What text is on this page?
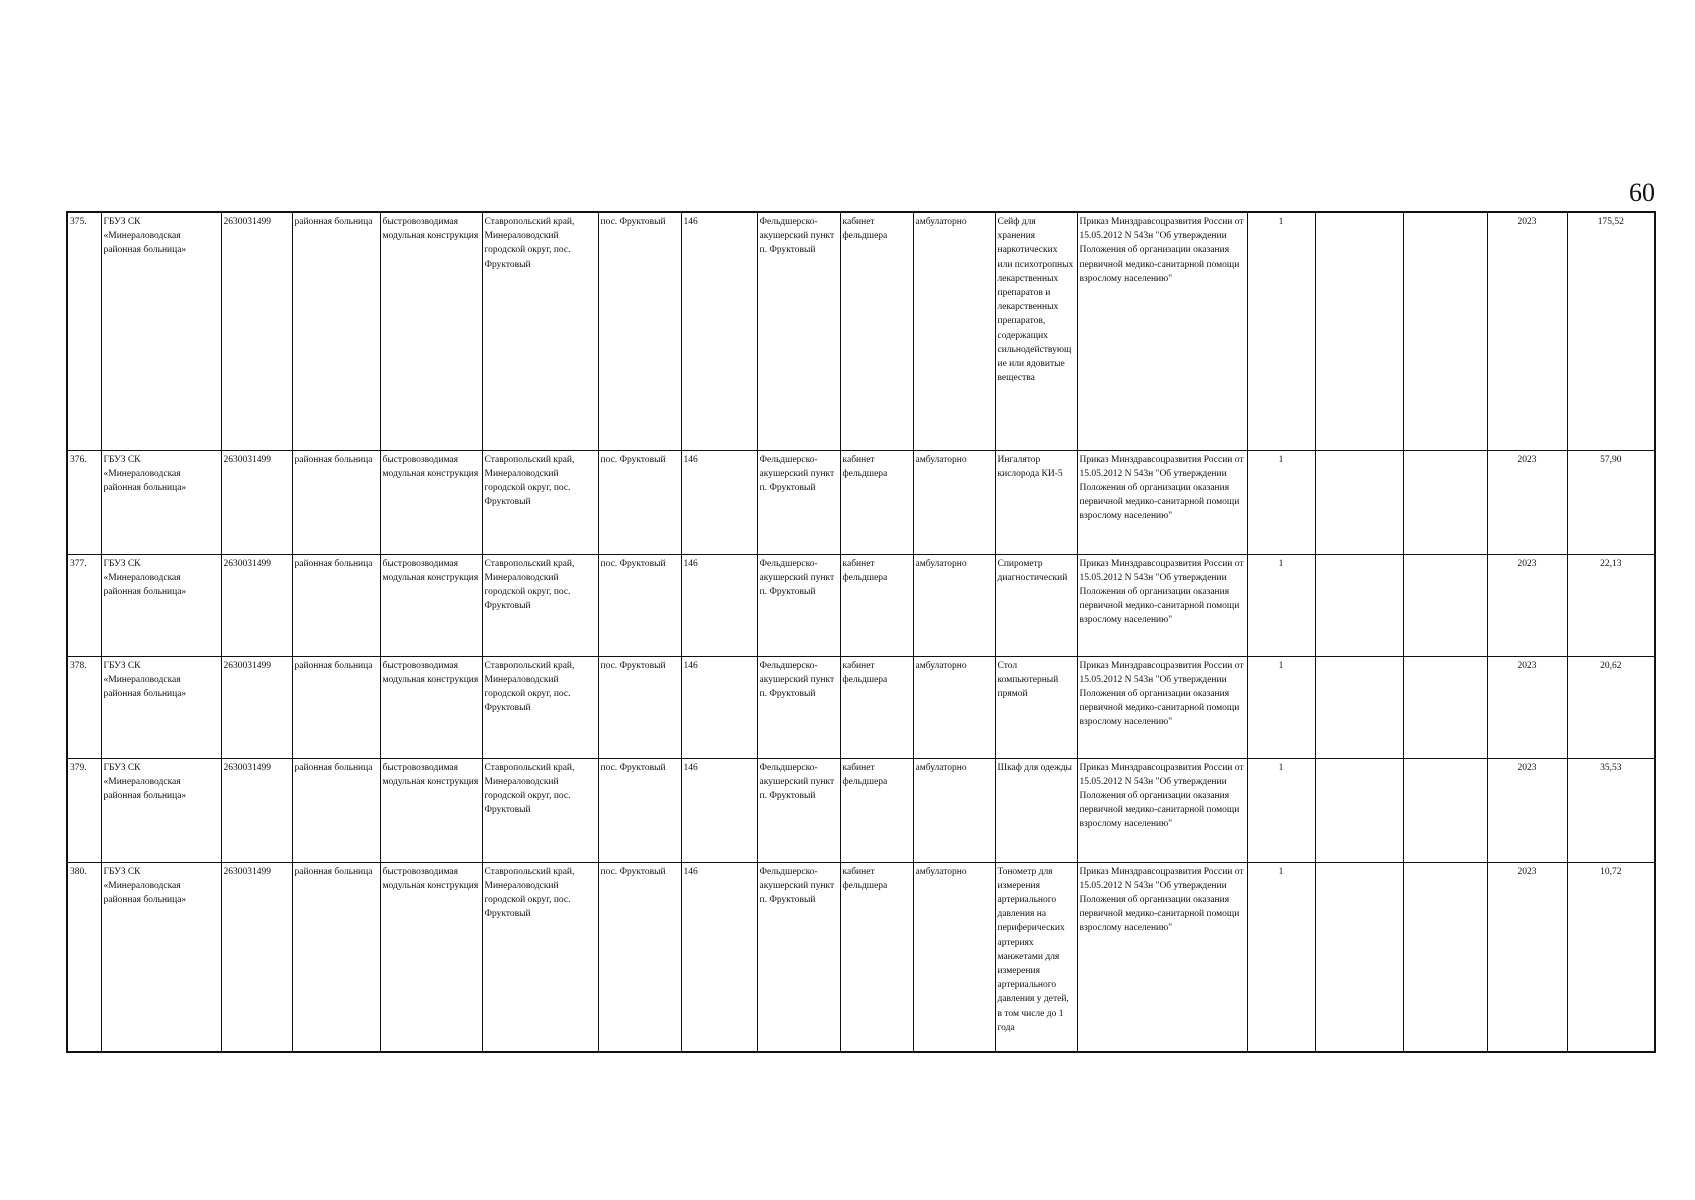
60
375.	ГБУЗ СК «Минераловодская районная больница»	2630031499	районная больница	быстровозводимая модульная конструкция	Ставропольский край, Минераловодский городской округ, пос. Фруктовый	пос. Фруктовый	146	Фельдшерско-акушерский пункт п. Фруктовый	кабинет фельдшера	амбулаторно	Сейф для хранения наркотических или психотропных лекарственных препаратов и лекарственных препаратов, содержащих сильнодействующие или ядовитые вещества	Приказ Минздравсоцразвития России от 15.05.2012 N 543н "Об утверждении Положения об организации оказания первичной медико-санитарной помощи взрослому населению"	1			2023	175,52
376.	ГБУЗ СК «Минераловодская районная больница»	2630031499	районная больница	быстровозводимая модульная конструкция	Ставропольский край, Минераловодский городской округ, пос. Фруктовый	пос. Фруктовый	146	Фельдшерско-акушерский пункт п. Фруктовый	кабинет фельдшера	амбулаторно	Ингалятор кислорода КИ-5	Приказ Минздравсоцразвития России от 15.05.2012 N 543н "Об утверждении Положения об организации оказания первичной медико-санитарной помощи взрослому населению"	1			2023	57,90
377.	ГБУЗ СК «Минераловодская районная больница»	2630031499	районная больница	быстровозводимая модульная конструкция	Ставропольский край, Минераловодский городской округ, пос. Фруктовый	пос. Фруктовый	146	Фельдшерско-акушерский пункт п. Фруктовый	кабинет фельдшера	амбулаторно	Спирометр диагностический	Приказ Минздравсоцразвития России от 15.05.2012 N 543н "Об утверждении Положения об организации оказания первичной медико-санитарной помощи взрослому населению"	1			2023	22,13
378.	ГБУЗ СК «Минераловодская районная больница»	2630031499	районная больница	быстровозводимая модульная конструкция	Ставропольский край, Минераловодский городской округ, пос. Фруктовый	пос. Фруктовый	146	Фельдшерско-акушерский пункт п. Фруктовый	кабинет фельдшера	амбулаторно	Стол компьютерный прямой	Приказ Минздравсоцразвития России от 15.05.2012 N 543н "Об утверждении Положения об организации оказания первичной медико-санитарной помощи взрослому населению"	1			2023	20,62
379.	ГБУЗ СК «Минераловодская районная больница»	2630031499	районная больница	быстровозводимая модульная конструкция	Ставропольский край, Минераловодский городской округ, пос. Фруктовый	пос. Фруктовый	146	Фельдшерско-акушерский пункт п. Фруктовый	кабинет фельдшера	амбулаторно	Шкаф для одежды	Приказ Минздравсоцразвития России от 15.05.2012 N 543н "Об утверждении Положения об организации оказания первичной медико-санитарной помощи взрослому населению"	1			2023	35,53
380.	ГБУЗ СК «Минераловодская районная больница»	2630031499	районная больница	быстровозводимая модульная конструкция	Ставропольский край, Минераловодский городской округ, пос. Фруктовый	пос. Фруктовый	146	Фельдшерско-акушерский пункт п. Фруктовый	кабинет фельдшера	амбулаторно	Тонометр для измерения артериального давления на периферических артериях манжетами для измерения артериального давления у детей, в том числе до 1 года	Приказ Минздравсоцразвития России от 15.05.2012 N 543н "Об утверждении Положения об организации оказания первичной медико-санитарной помощи взрослому населению"	1			2023	10,72
